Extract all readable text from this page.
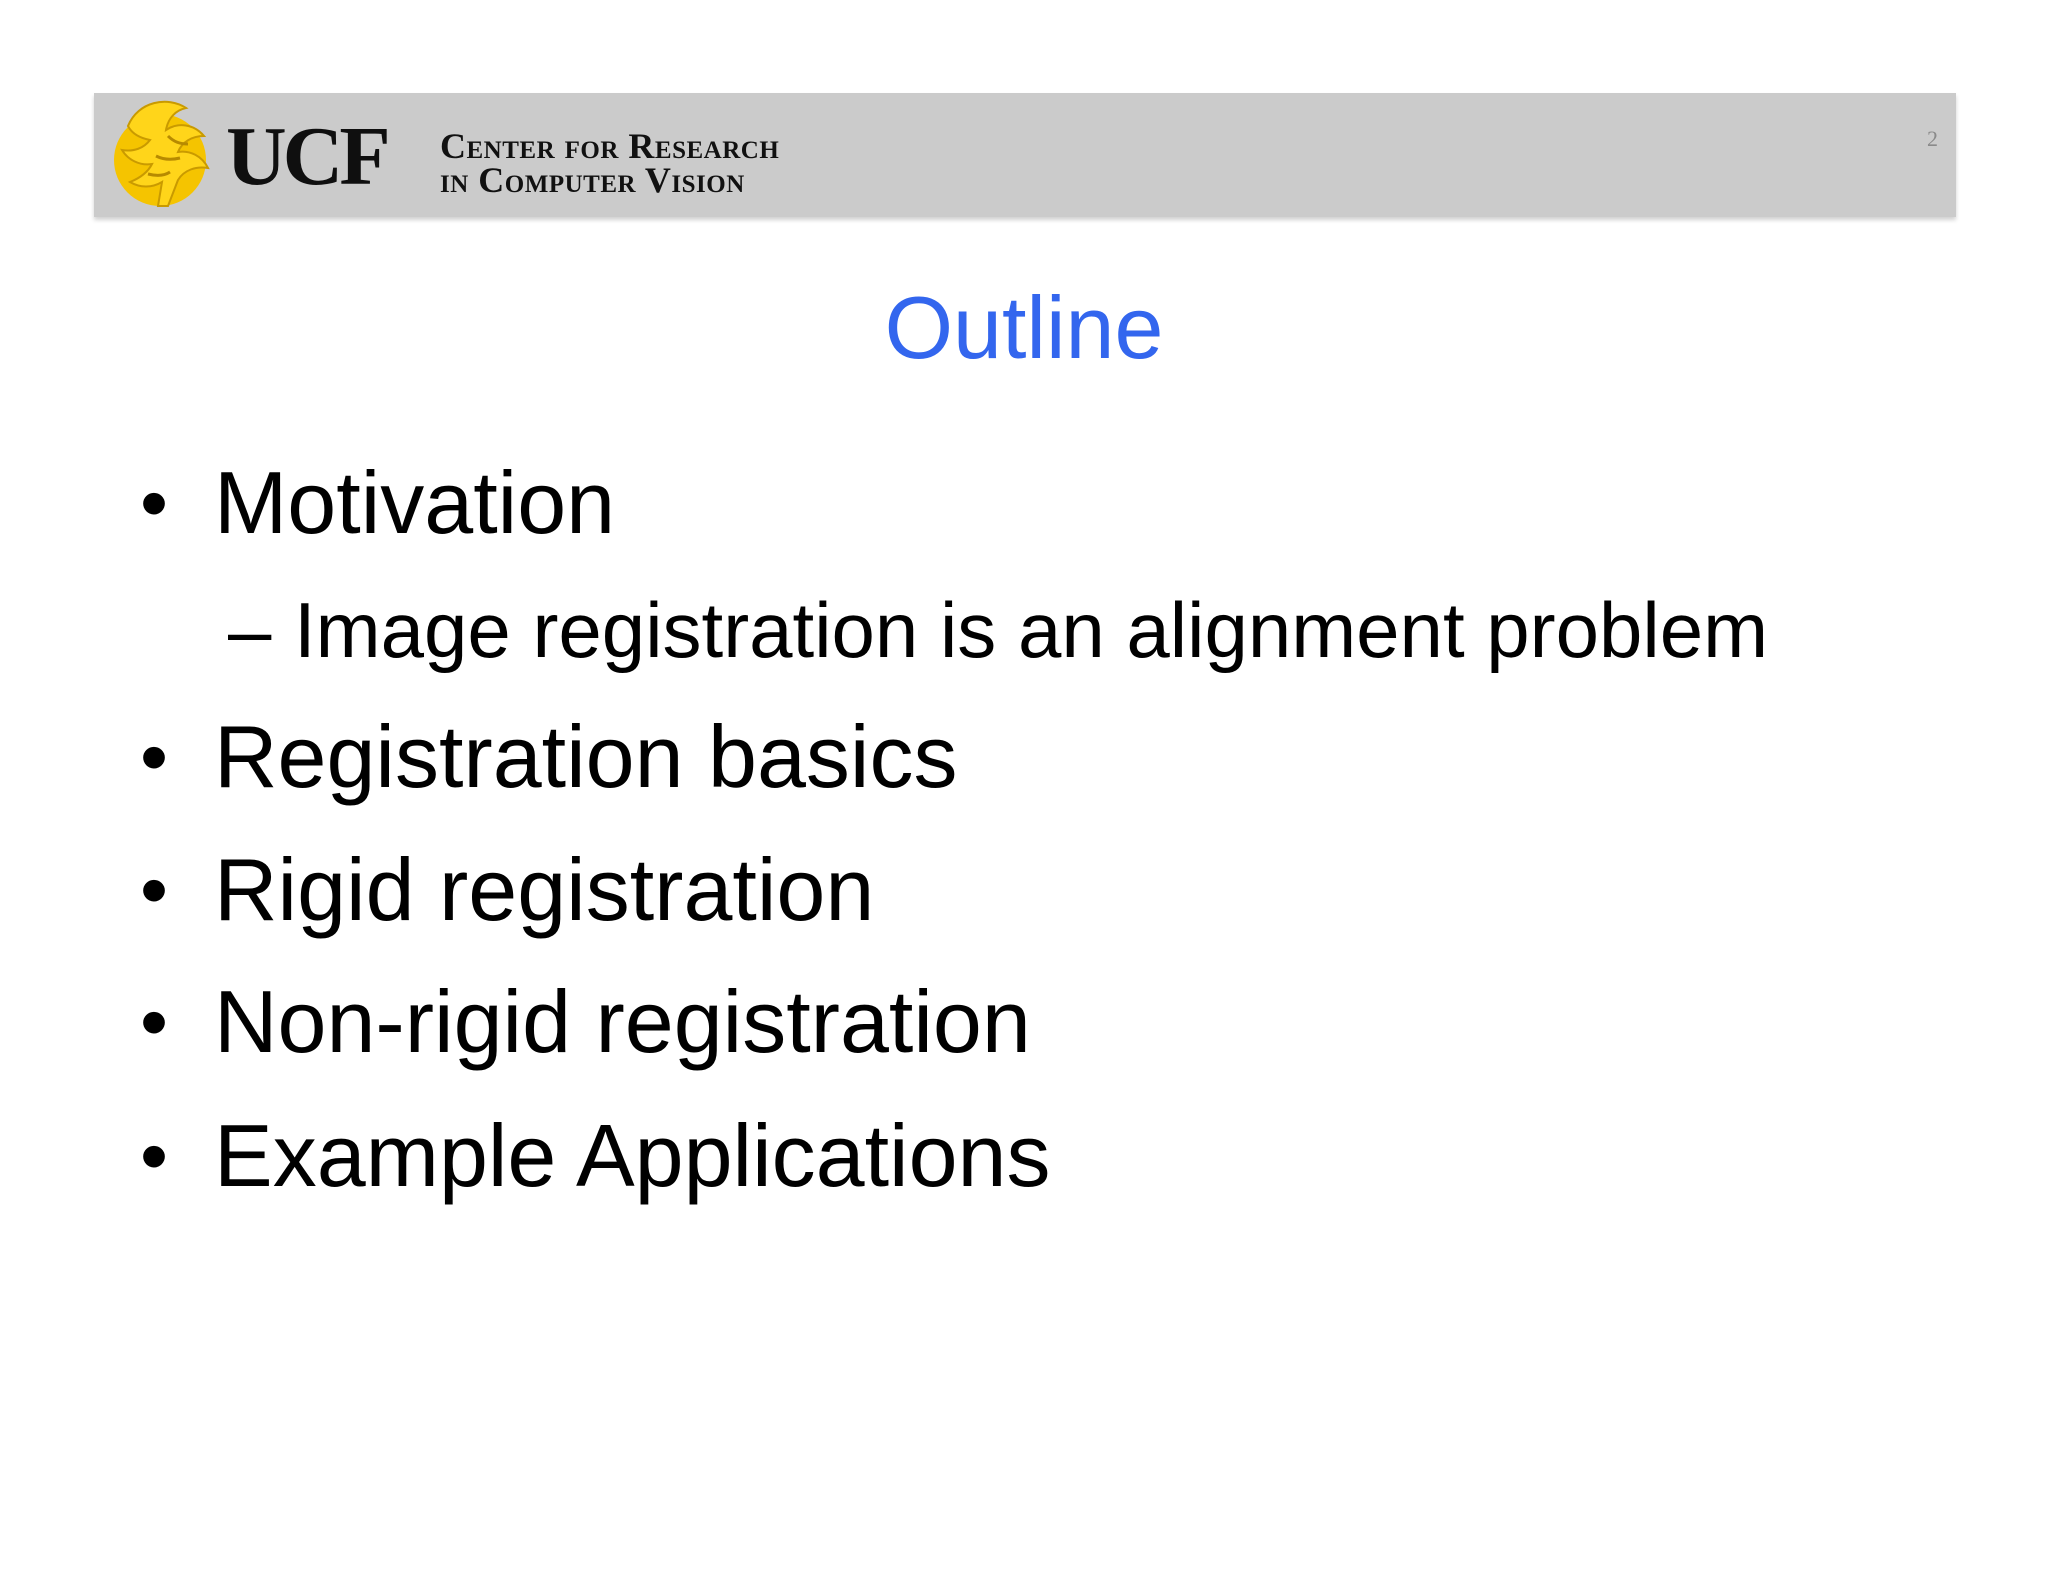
UCF Center for Research
in Computer Vision
2
Outline
• Motivation
– Image registration is an alignment problem
• Registration basics
• Rigid registration
• Non-rigid registration
• Example Applications
